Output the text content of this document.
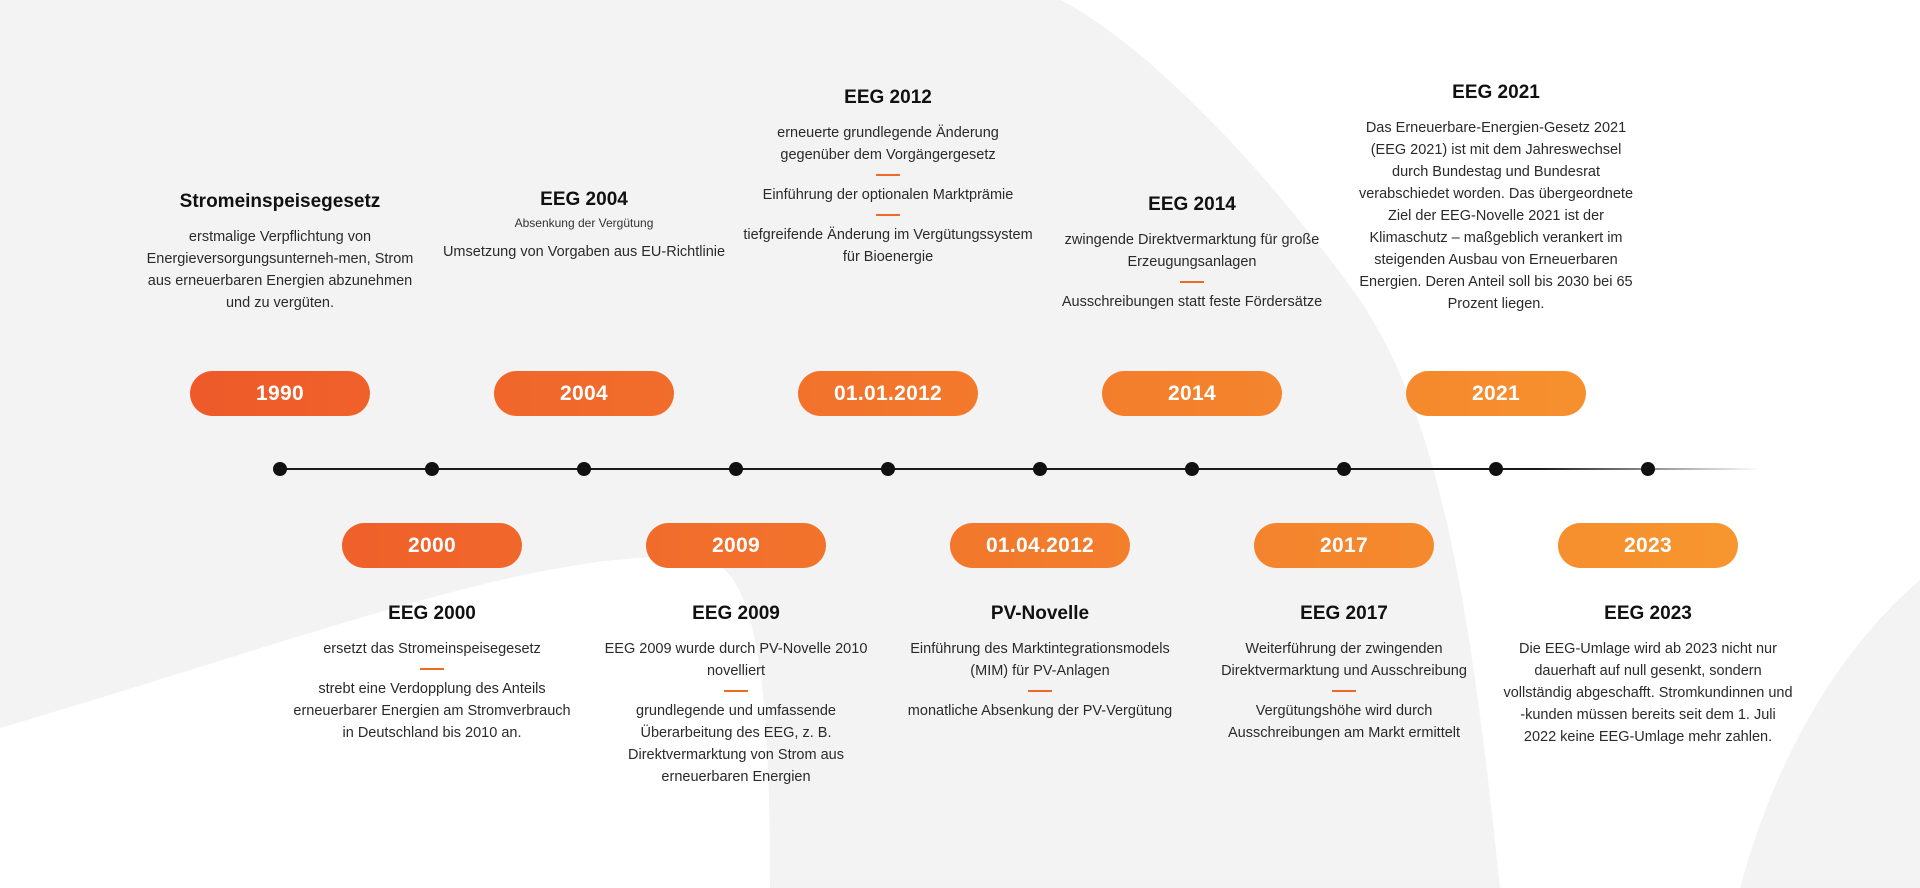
1990
Stromeinspeisegesetz
erstmalige Verpflichtung von Energieversorgungsunterneh-men, Strom aus erneuerbaren Energien abzunehmen und zu vergüten.
2004
EEG 2004
Absenkung der Vergütung
Umsetzung von Vorgaben aus EU-Richtlinie
01.01.2012
EEG 2012
erneuerte grundlegende Änderung gegenüber dem Vorgängergesetz
Einführung der optionalen Marktprämie
tiefgreifende Änderung im Vergütungssystem für Bioenergie
2014
EEG 2014
zwingende Direktvermarktung für große Erzeugungsanlagen
Ausschreibungen statt feste Fördersätze
2021
EEG 2021
Das Erneuerbare-Energien-Gesetz 2021 (EEG 2021) ist mit dem Jahreswechsel durch Bundestag und Bundesrat verabschiedet worden. Das übergeordnete Ziel der EEG-Novelle 2021 ist der Klimaschutz – maßgeblich verankert im steigenden Ausbau von Erneuerbaren Energien. Deren Anteil soll bis 2030 bei 65 Prozent liegen.
2000
EEG 2000
ersetzt das Stromeinspeisegesetz
strebt eine Verdopplung des Anteils erneuerbarer Energien am Stromverbrauch in Deutschland bis 2010 an.
2009
EEG 2009
EEG 2009 wurde durch PV-Novelle 2010 novelliert
grundlegende und umfassende Überarbeitung des EEG, z. B. Direktvermarktung von Strom aus erneuerbaren Energien
01.04.2012
PV-Novelle
Einführung des Marktintegrationsmodels (MIM) für PV-Anlagen
monatliche Absenkung der PV-Vergütung
2017
EEG 2017
Weiterführung der zwingenden Direktvermarktung und Ausschreibung
Vergütungshöhe wird durch Ausschreibungen am Markt ermittelt
2023
EEG 2023
Die EEG-Umlage wird ab 2023 nicht nur dauerhaft auf null gesenkt, sondern vollständig abgeschafft. Stromkundinnen und -kunden müssen bereits seit dem 1. Juli 2022 keine EEG-Umlage mehr zahlen.
